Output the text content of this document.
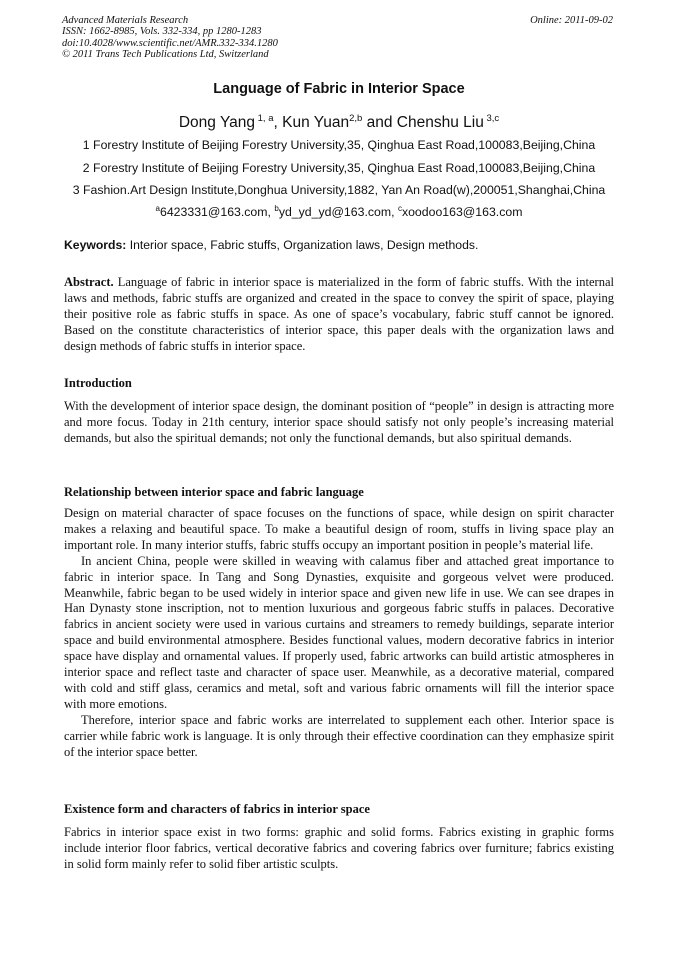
Advanced Materials Research
ISSN: 1662-8985, Vols. 332-334, pp 1280-1283
doi:10.4028/www.scientific.net/AMR.332-334.1280
© 2011 Trans Tech Publications Ltd, Switzerland
Online: 2011-09-02
Language of Fabric in Interior Space
Dong Yang $^{1, a}$, Kun Yuan$^{2,b}$ and Chenshu Liu $^{3,c}$
1 Forestry Institute of Beijing Forestry University,35, Qinghua East Road,100083,Beijing,China
2 Forestry Institute of Beijing Forestry University,35, Qinghua East Road,100083,Beijing,China
3 Fashion.Art Design Institute,Donghua University,1882, Yan An Road(w),200051,Shanghai,China
$^a$6423331@163.com, $^b$yd_yd_yd@163.com, $^c$xoodoo163@163.com
Keywords: Interior space, Fabric stuffs, Organization laws, Design methods.

Abstract. Language of fabric in interior space is materialized in the form of fabric stuffs. With the internal laws and methods, fabric stuffs are organized and created in the space to convey the spirit of space, playing their positive role as fabric stuffs in space. As one of space’s vocabulary, fabric stuff cannot be ignored. Based on the constitute characteristics of interior space, this paper deals with the organization laws and design methods of fabric stuffs in interior space.

Introduction

With the development of interior space design, the dominant position of “people” in design is attracting more and more focus. Today in 21th century, interior space should satisfy not only people’s increasing material demands, but also the spiritual demands; not only the functional demands, but also spiritual demands.

Relationship between interior space and fabric language

Design on material character of space focuses on the functions of space, while design on spirit character makes a relaxing and beautiful space. To make a beautiful design of room, stuffs in living space play an important role. In many interior stuffs, fabric stuffs occupy an important position in people’s material life.

In ancient China, people were skilled in weaving with calamus fiber and attached great importance to fabric in interior space. In Tang and Song Dynasties, exquisite and gorgeous velvet were produced. Meanwhile, fabric began to be used widely in interior space and given new life in use. We can see drapes in Han Dynasty stone inscription, not to mention luxurious and gorgeous fabric stuffs in palaces. Decorative fabrics in ancient society were used in various curtains and streamers to remedy buildings, separate interior space and build environmental atmosphere. Besides functional values, modern decorative fabrics in interior space have display and ornamental values. If properly used, fabric artworks can build artistic atmospheres in interior space and reflect taste and character of space user. Meanwhile, as a decorative material, compared with cold and stiff glass, ceramics and metal, soft and various fabric ornaments will fill the interior space with more emotions.

Therefore, interior space and fabric works are interrelated to supplement each other. Interior space is carrier while fabric work is language. It is only through their effective coordination can they emphasize spirit of the interior space better.

Existence form and characters of fabrics in interior space

Fabrics in interior space exist in two forms: graphic and solid forms. Fabrics existing in graphic forms include interior floor fabrics, vertical decorative fabrics and covering fabrics over furniture; fabrics existing in solid form mainly refer to solid fiber artistic sculpts.
